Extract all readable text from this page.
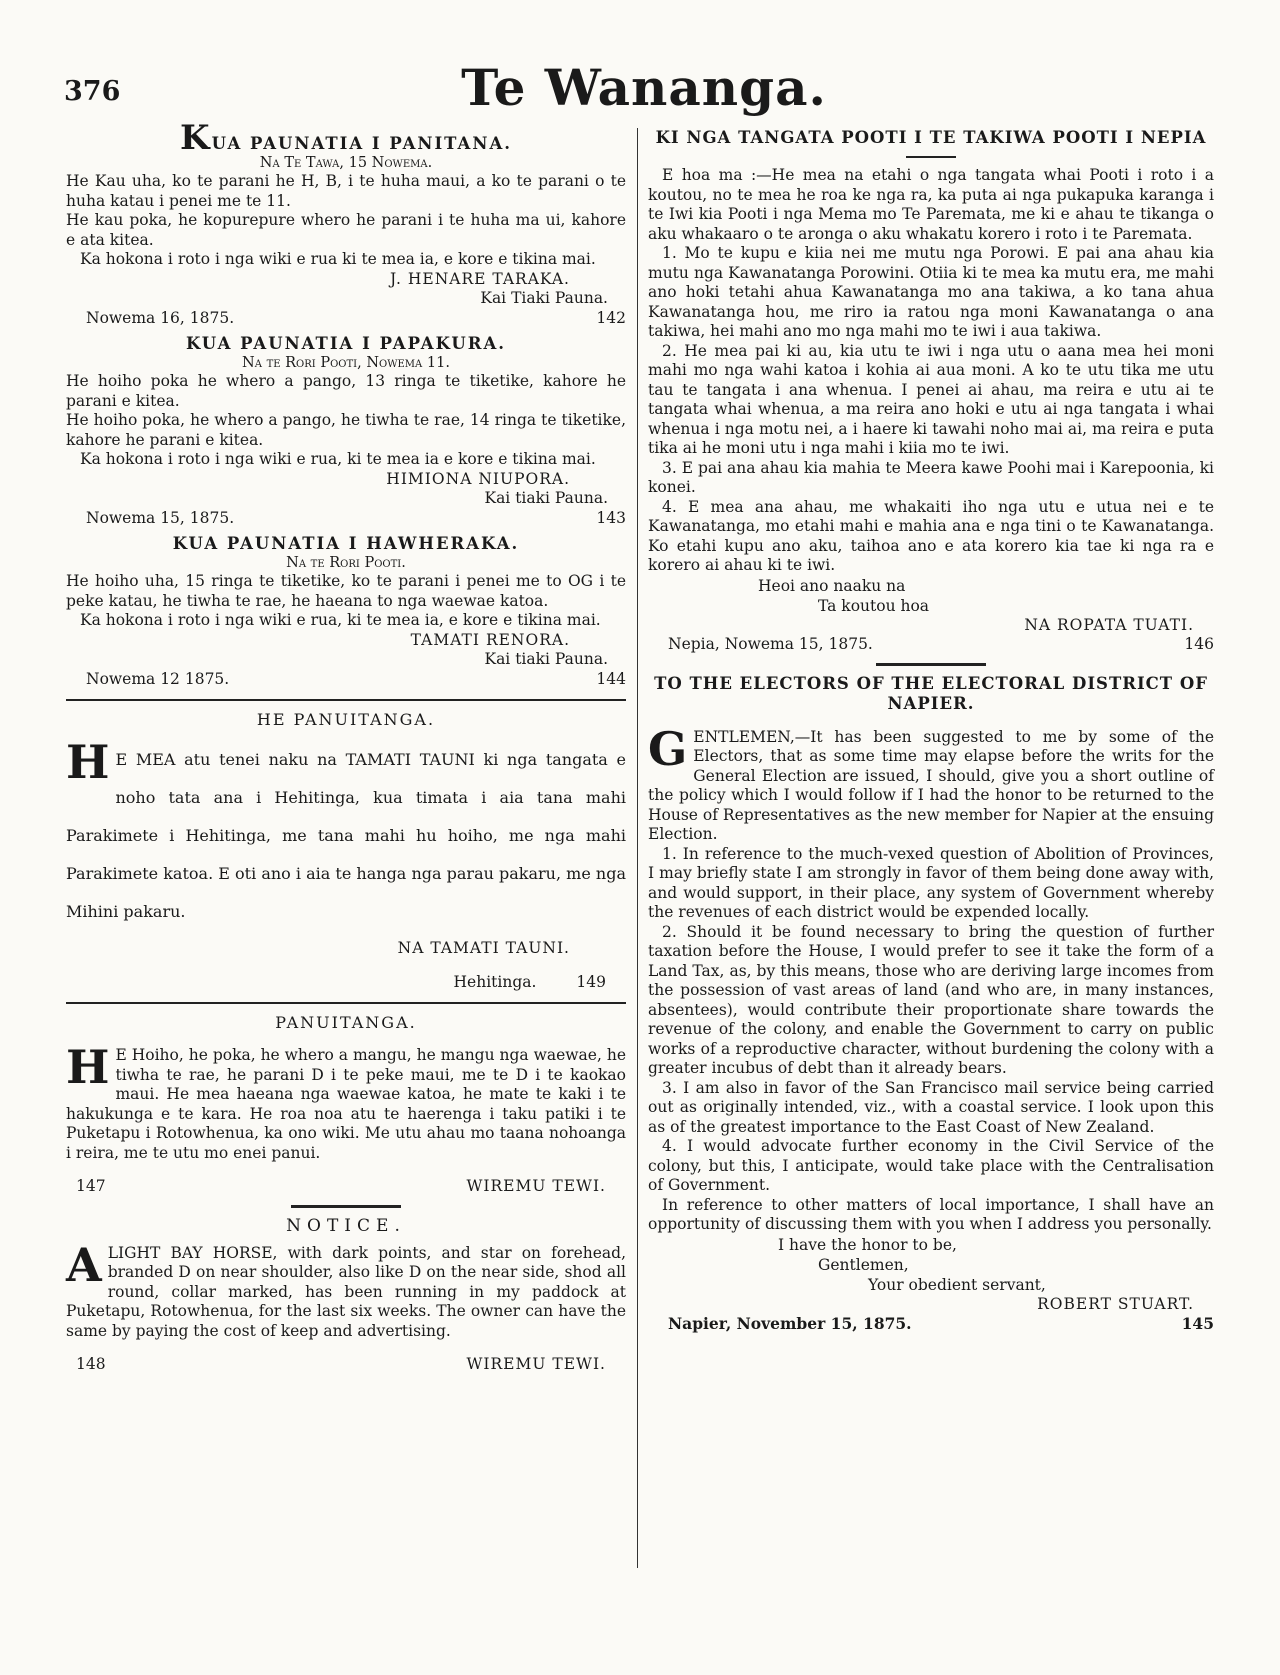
376	Te Wananga.
KUA PAUNATIA I PANITANA.
Na Te Tawa, 15 Nowema.

He Kau uha, ko te parani he H, B, i te huha maui, a ko te parani o te huha katau i penei me te 11.

He kau poka, he kopurepure whero he parani i te huha ma ui, kahore e ata kitea.

Ka hokona i roto i nga wiki e rua ki te mea ia, e kore e tikina mai.

J. HENARE TARAKA.
Kai Tiaki Pauna.
Nowema 16, 1875.	142
KUA PAUNATIA I PAPAKURA.
Na te Rori Pooti, Nowema 11.

He hoiho poka he whero a pango, 13 ringa te tiketike, kahore he parani e kitea.

He hoiho poka, he whero a pango, he tiwha te rae, 14 ringa te tiketike, kahore he parani e kitea.

Ka hokona i roto i nga wiki e rua, ki te mea ia e kore e tikina mai.

HIMIONA NIUPORA.
Kai tiaki Pauna.
Nowema 15, 1875.	143
KUA PAUNATIA I HAWHERAKA.
Na te Rori Pooti.

He hoiho uha, 15 ringa te tiketike, ko te parani i penei me to OG i te peke katau, he tiwha te rae, he haeana to nga waewae katoa.

Ka hokona i roto i nga wiki e rua, ki te mea ia, e kore e tikina mai.

TAMATI RENORA.
Kai tiaki Pauna.
Nowema 12 1875.	144
HE PANUITANGA.
H E MEA atu tenei naku na TAMATI TAUNI ki nga tangata e noho tata ana i Hehitinga, kua timata i aia tana mahi Parakimete i Hehitinga, me tana mahi hu hoiho, me nga mahi Parakimete katoa. E oti ano i aia te hanga nga parau pakaru, me nga Mihini pakaru.

NA TAMATI TAUNI.
Hehitinga.	149
PANUITANGA.
H E Hoiho, he poka, he whero a mangu, he mangu nga waewae, he tiwha te rae, he parani D i te peke maui, me te D i te kaokao maui. He mea haeana nga waewae katoa, he mate te kaki i te hakukunga e te kara. He roa noa atu te haerenga i taku patiki i te Puketapu i Rotowhenua, ka ono wiki. Me utu ahau mo taana nohoanga i reira, me te utu mo enei panui.

147	WIREMU TEWI.
NOTICE.
A LIGHT BAY HORSE, with dark points, and star on forehead, branded D on near shoulder, also like D on the near side, shod all round, collar marked, has been running in my paddock at Puketapu, Rotowhenua, for the last six weeks. The owner can have the same by paying the cost of keep and advertising.

148	WIREMU TEWI.
KI NGA TANGATA POOTI I TE TAKIWA POOTI I NEPIA

E hoa ma :—He mea na etahi o nga tangata whai Pooti i roto i a koutou, no te mea he roa ke nga ra, ka puta ai nga pukapuka karanga i te Iwi kia Pooti i nga Mema mo Te Paremata, me ki e ahau te tikanga o aku whakaaro o te aronga o aku whakatu korero i roto i te Paremata.

1. Mo te kupu e kiia nei me mutu nga Porowi. E pai ana ahau kia mutu nga Kawanatanga Porowini. Otiia ki te mea ka mutu era, me mahi ano hoki tetahi ahua Kawanatanga mo ana takiwa, a ko tana ahua Kawanatanga hou, me riro ia ratou nga moni Kawanatanga o ana takiwa, hei mahi ano mo nga mahi mo te iwi i aua takiwa.

2. He mea pai ki au, kia utu te iwi i nga utu o aana mea hei moni mahi mo nga wahi katoa i kohia ai aua moni. A ko te utu tika me utu tau te tangata i ana whenua. I penei ai ahau, ma reira e utu ai te tangata whai whenua, a ma reira ano hoki e utu ai nga tangata i whai whenua i nga motu nei, a i haere ki tawahi noho mai ai, ma reira e puta tika ai he moni utu i nga mahi i kiia mo te iwi.

3. E pai ana ahau kia mahia te Meera kawe Poohi mai i Karepoonia, ki konei.

4. E mea ana ahau, me whakaiti iho nga utu e utua nei e te Kawanatanga, mo etahi mahi e mahia ana e nga tini o te Kawanatanga. Ko etahi kupu ano aku, taihoa ano e ata korero kia tae ki nga ra e korero ai ahau ki te iwi.

Heoi ano naaku na
Ta koutou hoa
NA ROPATA TUATI.
Nepia, Nowema 15, 1875.	146
TO THE ELECTORS OF THE ELECTORAL DISTRICT OF NAPIER.
G ENTLEMEN,—It has been suggested to me by some of the Electors, that as some time may elapse before the writs for the General Election are issued, I should, give you a short outline of the policy which I would follow if I had the honor to be returned to the House of Representatives as the new member for Napier at the ensuing Election.

1. In reference to the much-vexed question of Abolition of Provinces, I may briefly state I am strongly in favor of them being done away with, and would support, in their place, any system of Government whereby the revenues of each district would be expended locally.

2. Should it be found necessary to bring the question of further taxation before the House, I would prefer to see it take the form of a Land Tax, as, by this means, those who are deriving large incomes from the possession of vast areas of land (and who are, in many instances, absentees), would contribute their proportionate share towards the revenue of the colony, and enable the Government to carry on public works of a reproductive character, without burdening the colony with a greater incubus of debt than it already bears.

3. I am also in favor of the San Francisco mail service being carried out as originally intended, viz., with a coastal service. I look upon this as of the greatest importance to the East Coast of New Zealand.

4. I would advocate further economy in the Civil Service of the colony, but this, I anticipate, would take place with the Centralisation of Government.

In reference to other matters of local importance, I shall have an opportunity of discussing them with you when I address you personally.

I have the honor to be,
Gentlemen,
Your obedient servant,
ROBERT STUART.
Napier, November 15, 1875.	145
